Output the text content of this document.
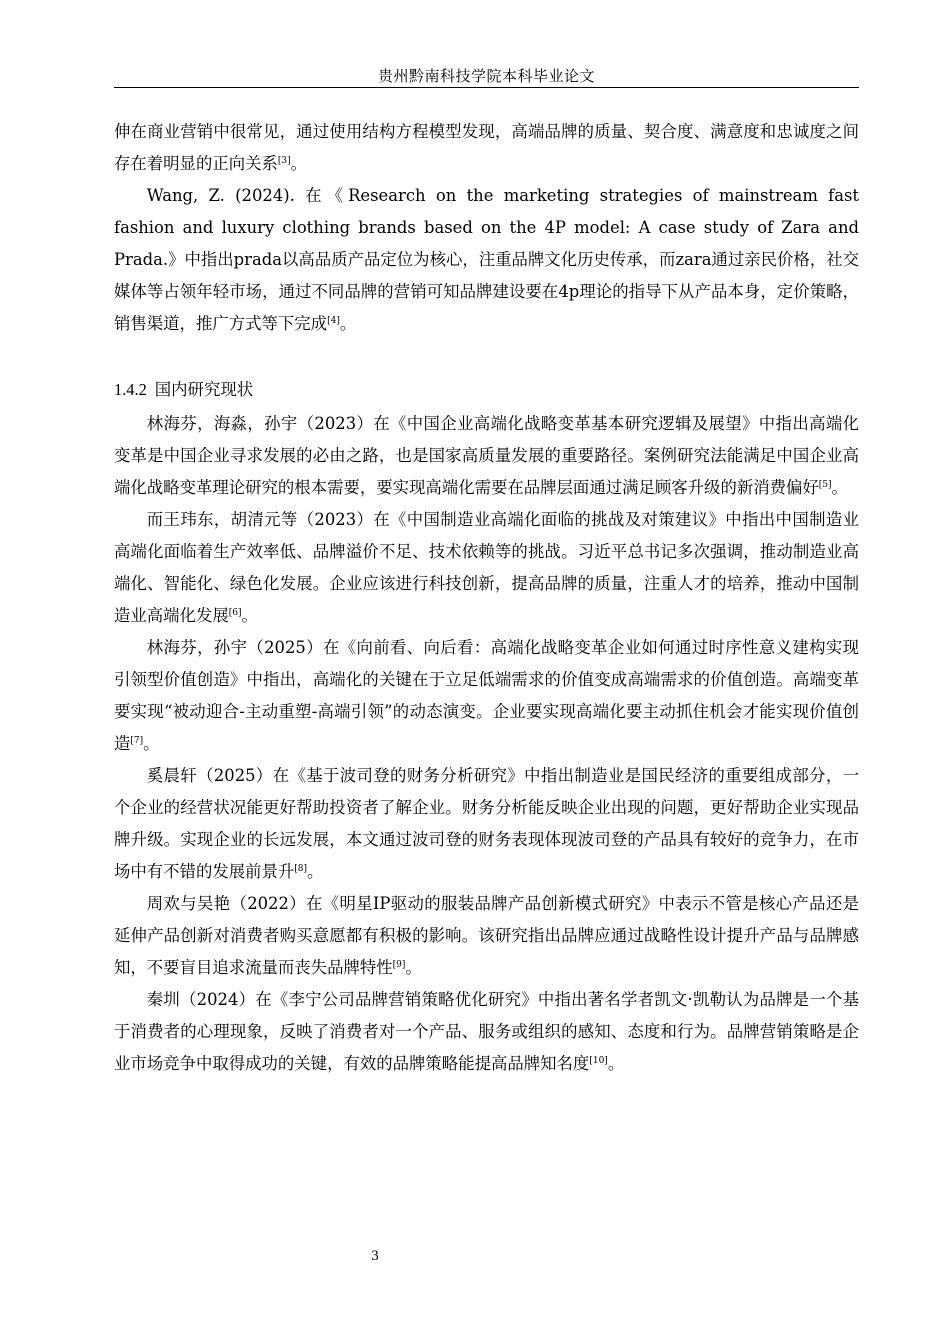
贵州黔南科技学院本科毕业论文

伸在商业营销中很常见，通过使用结构方程模型发现，高端品牌的质量、契合度、满意度和忠诚度之间存在着明显的正向关系[3]。

Wang, Z. (2024). 在《Research on the marketing strategies of mainstream fast fashion and luxury clothing brands based on the 4P model: A case study of Zara and Prada.》中指出prada以高品质产品定位为核心，注重品牌文化历史传承，而zara通过亲民价格，社交媒体等占领年轻市场，通过不同品牌的营销可知品牌建设要在4p理论的指导下从产品本身，定价策略，销售渠道，推广方式等下完成[4]。

1.4.2 国内研究现状

林海芬，海淼，孙宇（2023）在《中国企业高端化战略变革基本研究逻辑及展望》中指出高端化变革是中国企业寻求发展的必由之路，也是国家高质量发展的重要路径。案例研究法能满足中国企业高端化战略变革理论研究的根本需要，要实现高端化需要在品牌层面通过满足顾客升级的新消费偏好[5]。

而王玮东，胡清元等（2023）在《中国制造业高端化面临的挑战及对策建议》中指出中国制造业高端化面临着生产效率低、品牌溢价不足、技术依赖等的挑战。习近平总书记多次强调，推动制造业高端化、智能化、绿色化发展。企业应该进行科技创新，提高品牌的质量，注重人才的培养，推动中国制造业高端化发展[6]。

林海芬，孙宇（2025）在《向前看、向后看：高端化战略变革企业如何通过时序性意义建构实现引领型价值创造》中指出，高端化的关键在于立足低端需求的价值变成高端需求的价值创造。高端变革要实现“被动迎合-主动重塑-高端引领”的动态演变。企业要实现高端化要主动抓住机会才能实现价值创造[7]。

奚晨轩（2025）在《基于波司登的财务分析研究》中指出制造业是国民经济的重要组成部分，一个企业的经营状况能更好帮助投资者了解企业。财务分析能反映企业出现的问题，更好帮助企业实现品牌升级。实现企业的长远发展，本文通过波司登的财务表现体现波司登的产品具有较好的竞争力，在市场中有不错的发展前景升[8]。

周欢与吴艳（2022）在《明星IP驱动的服装品牌产品创新模式研究》中表示不管是核心产品还是延伸产品创新对消费者购买意愿都有积极的影响。该研究指出品牌应通过战略性设计提升产品与品牌感知，不要盲目追求流量而丧失品牌特性[9]。

秦圳（2024）在《李宁公司品牌营销策略优化研究》中指出著名学者凯文·凯勒认为品牌是一个基于消费者的心理现象，反映了消费者对一个产品、服务或组织的感知、态度和行为。品牌营销策略是企业市场竞争中取得成功的关键，有效的品牌策略能提高品牌知名度[10]。

3
